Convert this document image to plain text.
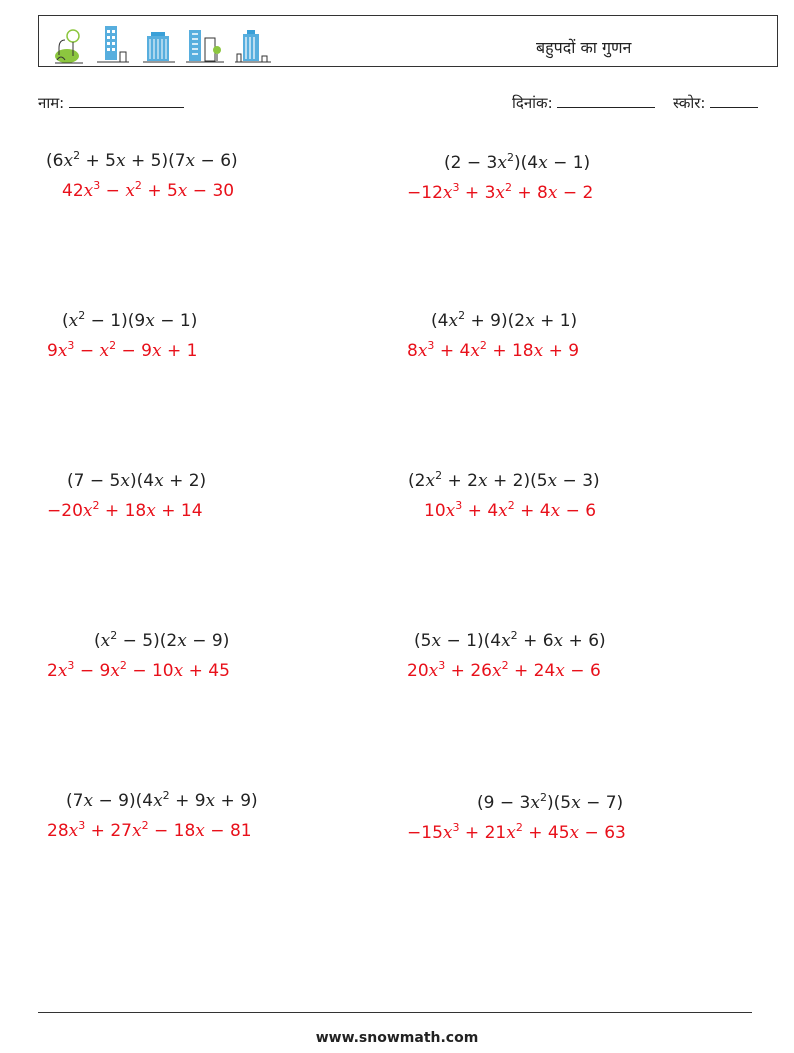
बहुपदों का गुणन
नाम:	दिनांक:	स्कोर:
$(6x^2 + 5x + 5)(7x - 6)$
$42x^3 - x^2 + 5x - 30$
$(2 - 3x^2)(4x - 1)$
$-12x^3 + 3x^2 + 8x - 2$
$(x^2 - 1)(9x - 1)$
$9x^3 - x^2 - 9x + 1$
$(4x^2 + 9)(2x + 1)$
$8x^3 + 4x^2 + 18x + 9$
(7 − 5x)(4x + 2)
$-20x^2 + 18x + 14$
$(2x^2 + 2x + 2)(5x - 3)$
$10x^3 + 4x^2 + 4x - 6$
$(x^2 - 5)(2x - 9)$
$2x^3 - 9x^2 - 10x + 45$
$(5x - 1)(4x^2 + 6x + 6)$
$20x^3 + 26x^2 + 24x - 6$
$(7x - 9)(4x^2 + 9x + 9)$
$28x^3 + 27x^2 - 18x - 81$
$(9 - 3x^2)(5x - 7)$
$-15x^3 + 21x^2 + 45x - 63$
www.snowmath.com
